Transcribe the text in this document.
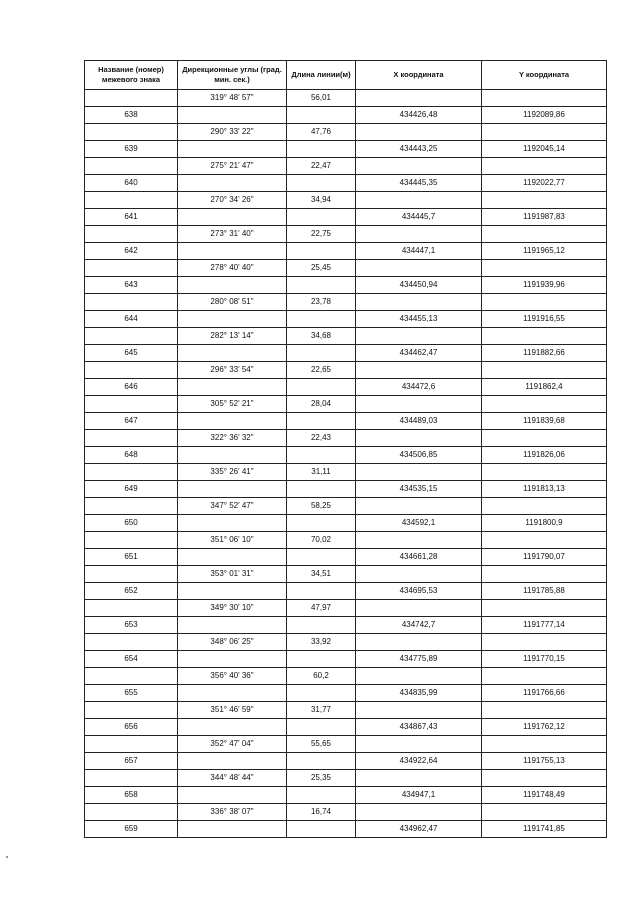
Название (номер) межевого знака	Дирекционные углы (град. мин. сек.)	Длина линии(м)	X координата	Y координата
	319° 48' 57"	56,01		
638			434426,48	1192089,86
	290° 33' 22"	47,76		
639			434443,25	1192045,14
	275° 21' 47"	22,47		
640			434445,35	1192022,77
	270° 34' 26"	34,94		
641			434445,7	1191987,83
	273° 31' 40"	22,75		
642			434447,1	1191965,12
	278° 40' 40"	25,45		
643			434450,94	1191939,96
	280° 08' 51"	23,78		
644			434455,13	1191916,55
	282° 13' 14"	34,68		
645			434462,47	1191882,66
	296° 33' 54"	22,65		
646			434472,6	1191862,4
	305° 52' 21"	28,04		
647			434489,03	1191839,68
	322° 36' 32"	22,43		
648			434506,85	1191826,06
	335° 26' 41"	31,11		
649			434535,15	1191813,13
	347° 52' 47"	58,25		
650			434592,1	1191800,9
	351° 06' 10"	70,02		
651			434661,28	1191790,07
	353° 01' 31"	34,51		
652			434695,53	1191785,88
	349° 30' 10"	47,97		
653			434742,7	1191777,14
	348° 06' 25"	33,92		
654			434775,89	1191770,15
	356° 40' 36"	60,2		
655			434835,99	1191766,66
	351° 46' 59"	31,77		
656			434867,43	1191762,12
	352° 47' 04"	55,65		
657			434922,64	1191755,13
	344° 48' 44"	25,35		
658			434947,1	1191748,49
	336° 38' 07"	16,74		
659			434962,47	1191741,85
